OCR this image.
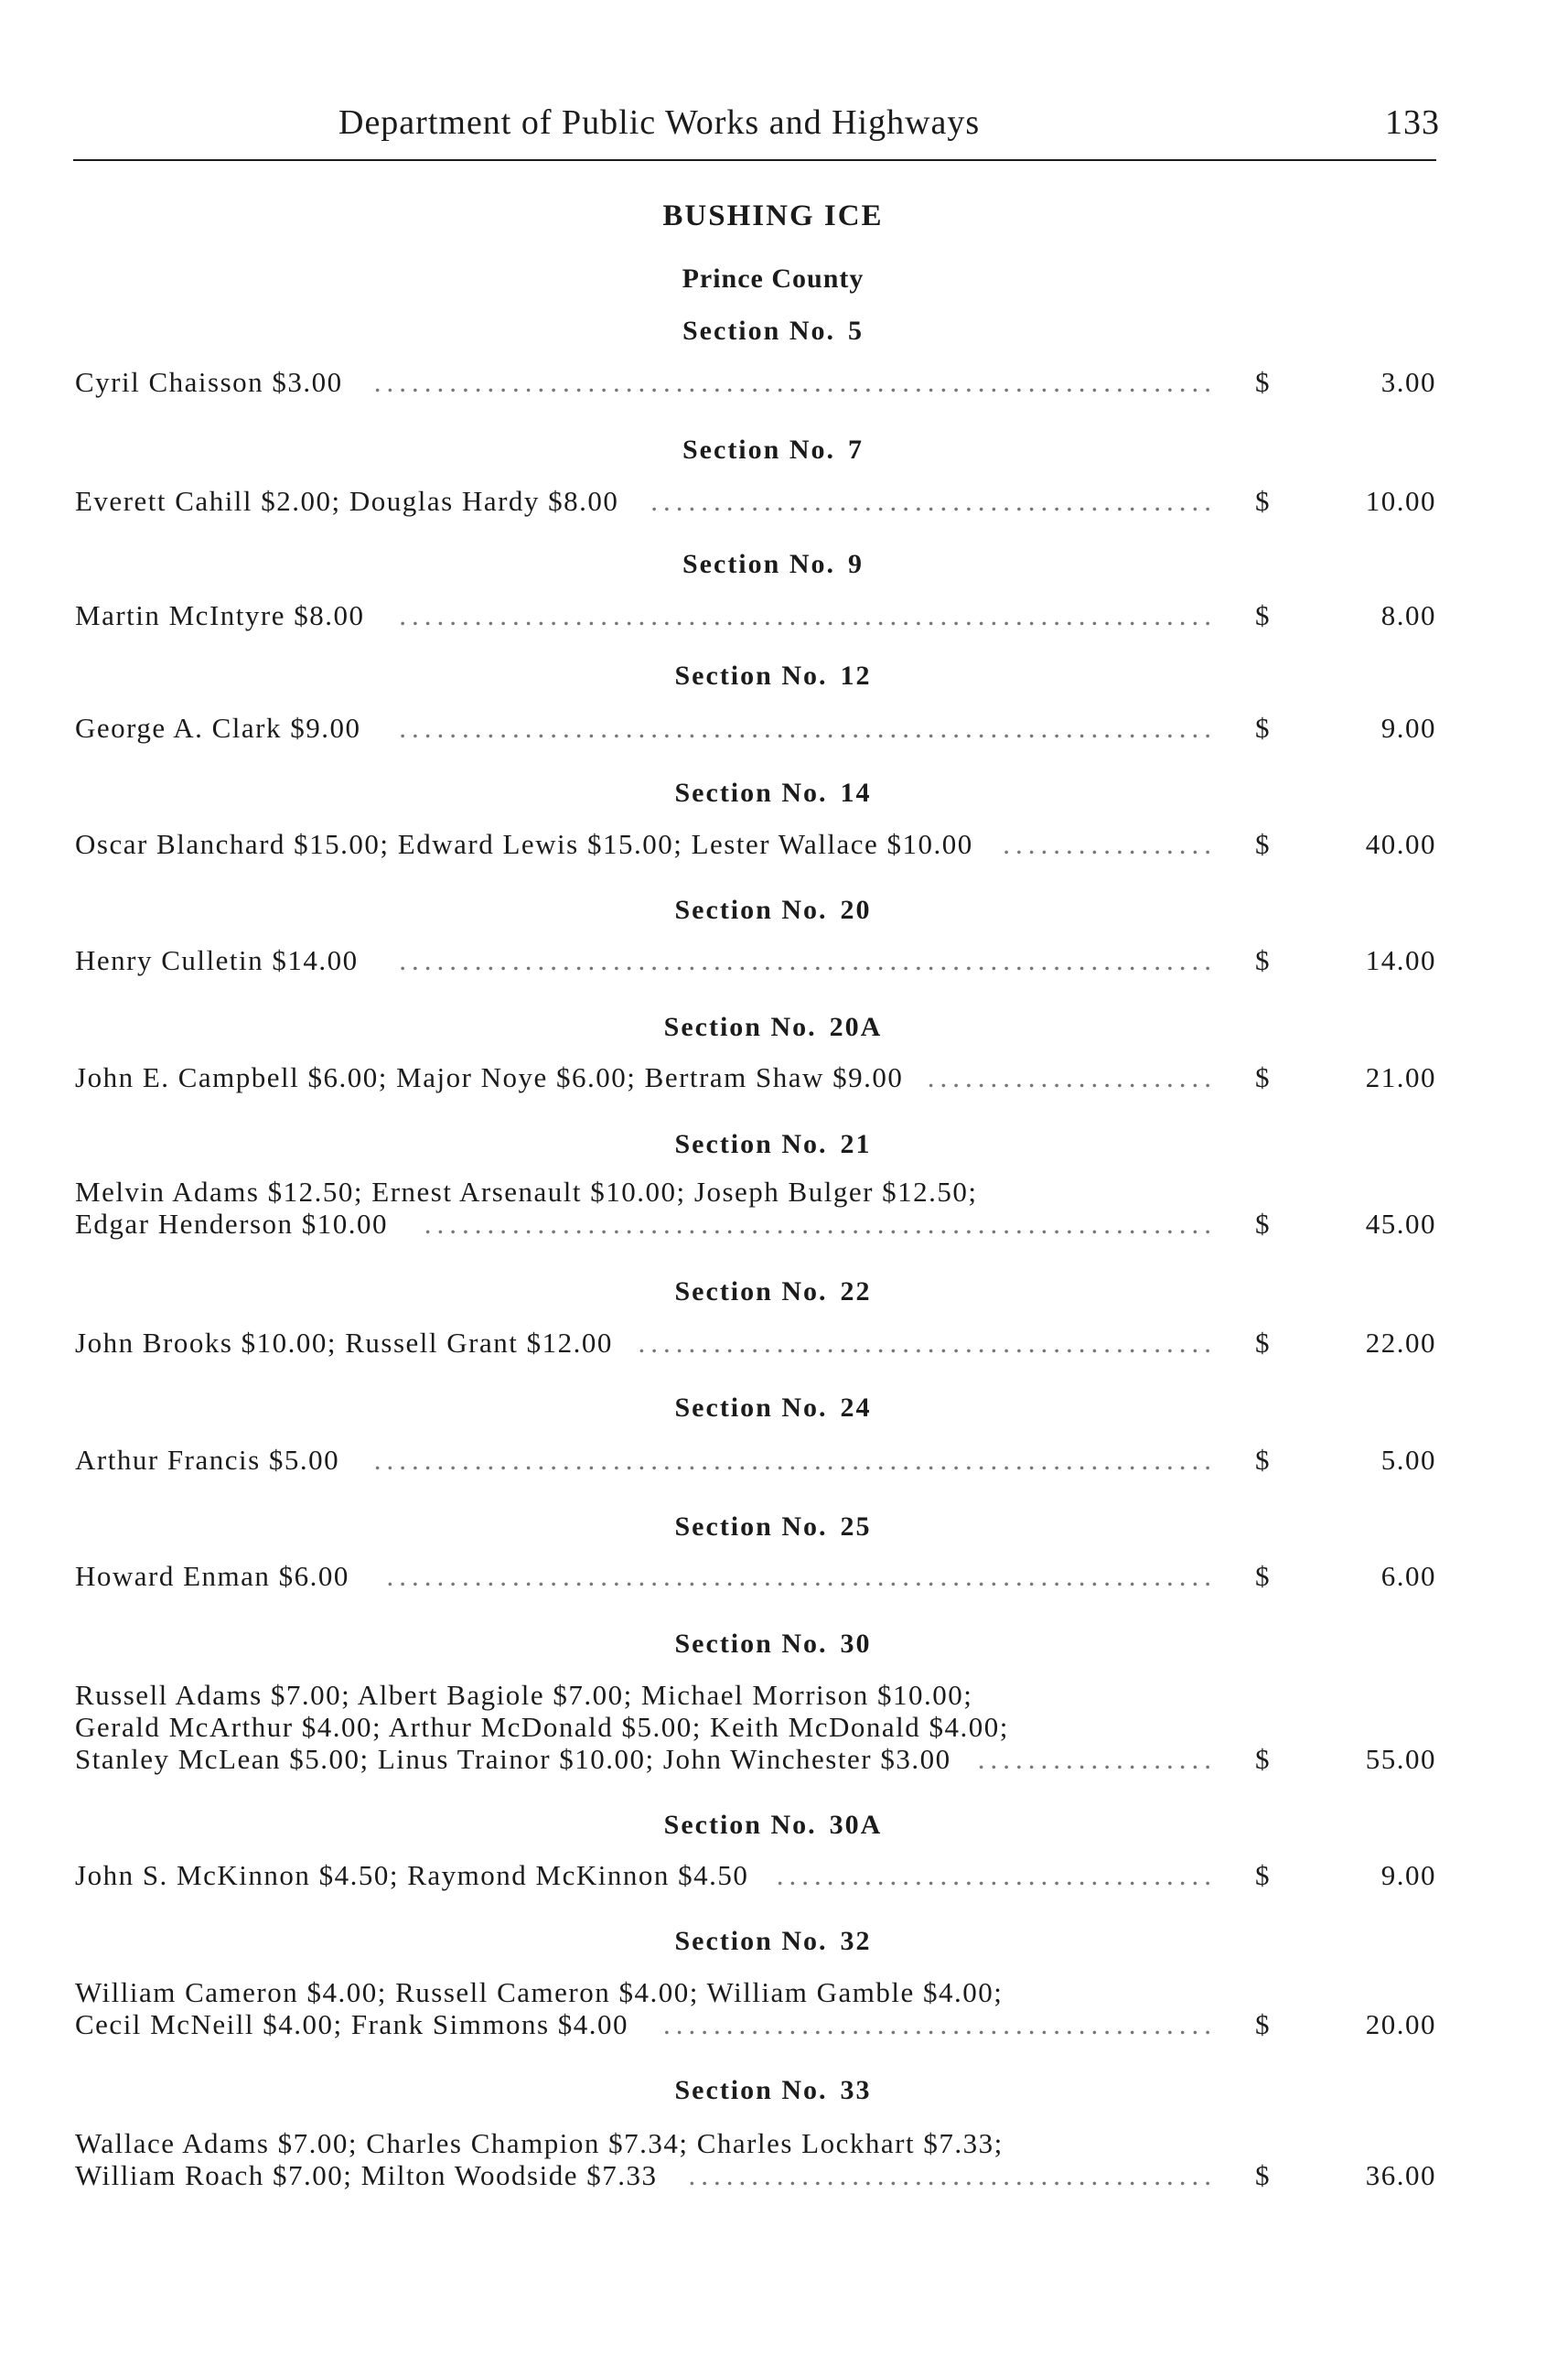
Department of Public Works and Highways	133
BUSHING ICE
Prince County
Section No. 5
Cyril Chaisson $3.00	................................................................... $	3.00
Section No. 7
Everett Cahill $2.00; Douglas Hardy $8.00	............................................. $	10.00
Section No. 9
Martin McIntyre $8.00	................................................................. $	8.00
Section No. 12
George A. Clark $9.00	................................................................. $	9.00
Section No. 14
Oscar Blanchard $15.00; Edward Lewis $15.00; Lester Wallace $10.00	................. $	40.00
Section No. 20
Henry Culletin $14.00	................................................................. $	14.00
Section No. 20A
John E. Campbell $6.00; Major Noye $6.00; Bertram Shaw $9.00 ....................... $	21.00
Section No. 21
Melvin Adams $12.50; Ernest Arsenault $10.00; Joseph Bulger $12.50;
Edgar Henderson $10.00	............................................................... $	45.00
Section No. 22
John Brooks $10.00; Russell Grant $12.00 .............................................. $	22.00
Section No. 24
Arthur Francis $5.00	................................................................... $	5.00
Section No. 25
Howard Enman $6.00	.................................................................. $	6.00
Section No. 30
Russell Adams $7.00; Albert Bagiole $7.00; Michael Morrison $10.00;
Gerald McArthur $4.00; Arthur McDonald $5.00; Keith McDonald $4.00;
Stanley McLean $5.00; Linus Trainor $10.00; John Winchester $3.00 ................... $	55.00
Section No. 30A
John S. McKinnon $4.50; Raymond McKinnon $4.50 ................................... $	9.00
Section No. 32
William Cameron $4.00; Russell Cameron $4.00; William Gamble $4.00;
Cecil McNeill $4.00; Frank Simmons $4.00	............................................ $	20.00
Section No. 33
Wallace Adams $7.00; Charles Champion $7.34; Charles Lockhart $7.33;
William Roach $7.00; Milton Woodside $7.33	.......................................... $	36.00
